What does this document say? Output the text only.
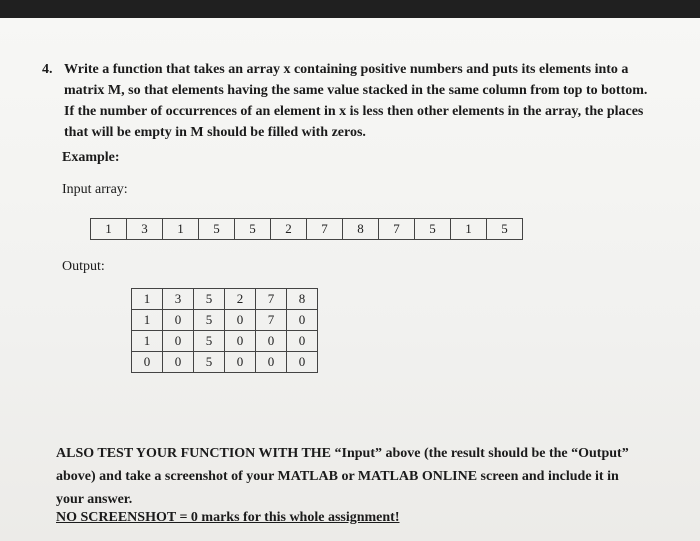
4. Write a function that takes an array x containing positive numbers and puts its elements into a
matrix M, so that elements having the same value stacked in the same column from top to bottom.
If the number of occurrences of an element in x is less then other elements in the array, the places
that will be empty in M should be filled with zeros.
Example:
Input array:
1	3	1	5	5	2	7	8	7	5	1	5
Output:
1	3	5	2	7	8
1	0	5	0	7	0
1	0	5	0	0	0
0	0	5	0	0	0
ALSO TEST YOUR FUNCTION WITH THE “Input” above (the result should be the “Output”
above) and take a screenshot of your MATLAB or MATLAB ONLINE screen and include it in
your answer.
NO SCREENSHOT = 0 marks for this whole assignment!
